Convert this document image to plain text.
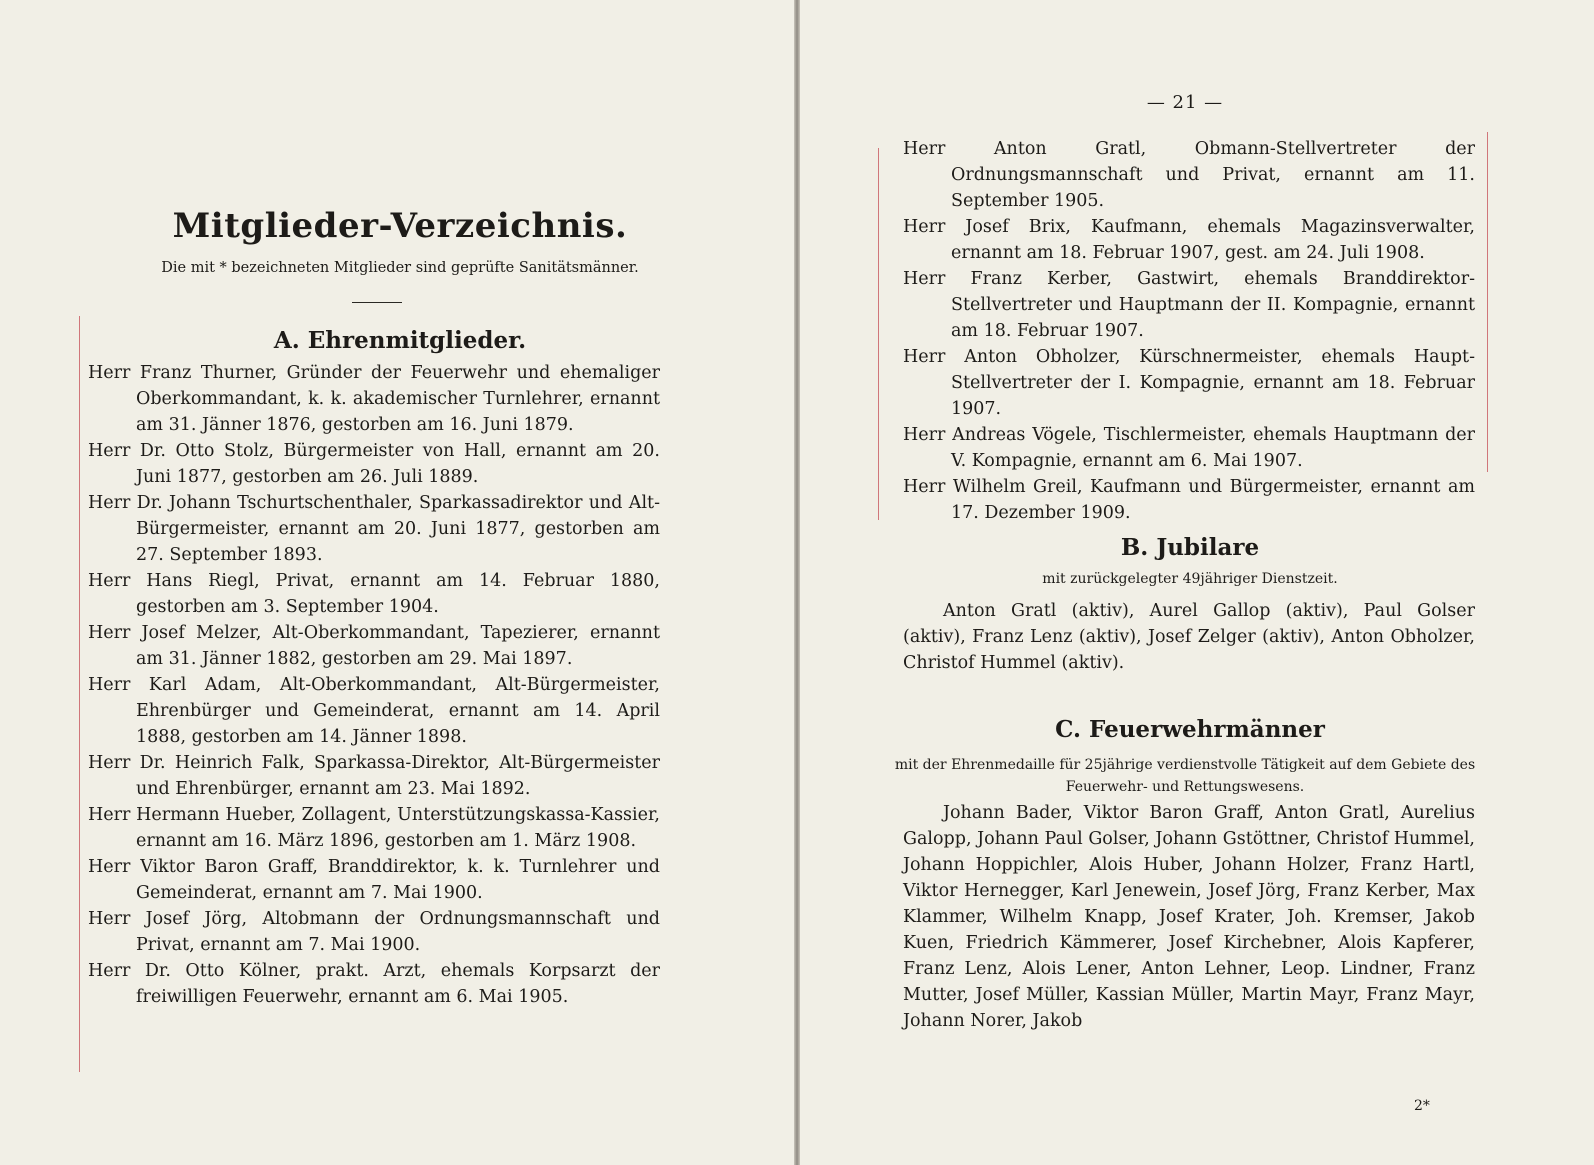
Mitglieder-Verzeichnis.

Die mit * bezeichneten Mitglieder sind geprüfte Sanitätsmänner.

A. Ehrenmitglieder.
Herr Franz Thurner, Gründer der Feuerwehr und ehemaliger Oberkommandant, k. k. akademischer Turnlehrer, ernannt am 31. Jänner 1876, gestorben am 16. Juni 1879.
Herr Dr. Otto Stolz, Bürgermeister von Hall, ernannt am 20. Juni 1877, gestorben am 26. Juli 1889.
Herr Dr. Johann Tschurtschenthaler, Sparkassadirektor und Alt-Bürgermeister, ernannt am 20. Juni 1877, gestorben am 27. September 1893.
Herr Hans Riegl, Privat, ernannt am 14. Februar 1880, gestorben am 3. September 1904.
Herr Josef Melzer, Alt-Oberkommandant, Tapezierer, ernannt am 31. Jänner 1882, gestorben am 29. Mai 1897.
Herr Karl Adam, Alt-Oberkommandant, Alt-Bürgermeister, Ehrenbürger und Gemeinderat, ernannt am 14. April 1888, gestorben am 14. Jänner 1898.
Herr Dr. Heinrich Falk, Sparkassa-Direktor, Alt-Bürgermeister und Ehrenbürger, ernannt am 23. Mai 1892.
Herr Hermann Hueber, Zollagent, Unterstützungskassa-Kassier, ernannt am 16. März 1896, gestorben am 1. März 1908.
Herr Viktor Baron Graff, Branddirektor, k. k. Turnlehrer und Gemeinderat, ernannt am 7. Mai 1900.
Herr Josef Jörg, Altobmann der Ordnungsmannschaft und Privat, ernannt am 7. Mai 1900.
Herr Dr. Otto Kölner, prakt. Arzt, ehemals Korpsarzt der freiwilligen Feuerwehr, ernannt am 6. Mai 1905.

— 21 —

Herr Anton Gratl, Obmann-Stellvertreter der Ordnungsmannschaft und Privat, ernannt am 11. September 1905.
Herr Josef Brix, Kaufmann, ehemals Magazinsverwalter, ernannt am 18. Februar 1907, gest. am 24. Juli 1908.
Herr Franz Kerber, Gastwirt, ehemals Branddirektor-Stellvertreter und Hauptmann der II. Kompagnie, ernannt am 18. Februar 1907.
Herr Anton Obholzer, Kürschnermeister, ehemals Haupt-Stellvertreter der I. Kompagnie, ernannt am 18. Februar 1907.
Herr Andreas Vögele, Tischlermeister, ehemals Hauptmann der V. Kompagnie, ernannt am 6. Mai 1907.
Herr Wilhelm Greil, Kaufmann und Bürgermeister, ernannt am 17. Dezember 1909.
B. Jubilare

mit zurückgelegter 49jähriger Dienstzeit.

Anton Gratl (aktiv), Aurel Gallop (aktiv), Paul Golser (aktiv), Franz Lenz (aktiv), Josef Zelger (aktiv), Anton Obholzer, Christof Hummel (aktiv).

C. Feuerwehrmänner

mit der Ehrenmedaille für 25jährige verdienstvolle Tätigkeit auf dem Gebiete des Feuerwehr- und Rettungswesens.

Johann Bader, Viktor Baron Graff, Anton Gratl, Aurelius Galopp, Johann Paul Golser, Johann Gstöttner, Christof Hummel, Johann Hoppichler, Alois Huber, Johann Holzer, Franz Hartl, Viktor Hernegger, Karl Jenewein, Josef Jörg, Franz Kerber, Max Klammer, Wilhelm Knapp, Josef Krater, Joh. Kremser, Jakob Kuen, Friedrich Kämmerer, Josef Kirchebner, Alois Kapferer, Franz Lenz, Alois Lener, Anton Lehner, Leop. Lindner, Franz Mutter, Josef Müller, Kassian Müller, Martin Mayr, Franz Mayr, Johann Norer, Jakob

2*
